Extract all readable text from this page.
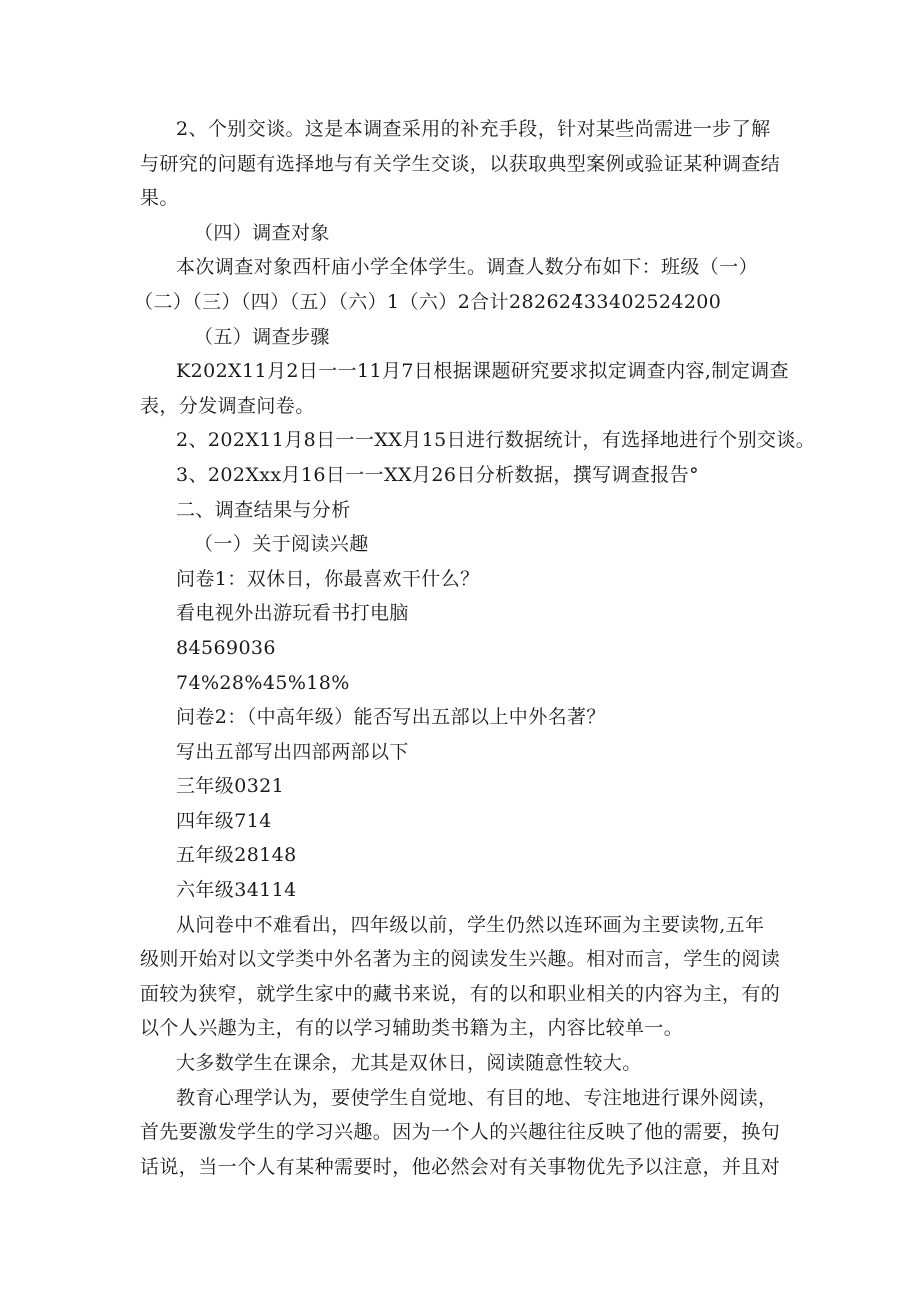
2、个别交谈。这是本调查采用的补充手段，针对某些尚需进一步了解
与研究的问题有选择地与有关学生交谈，以获取典型案例或验证某种调查结
果。
（四）调查对象
本次调查对象西杆庙小学全体学生。调查人数分布如下：班级（一）
（二）（三）（四）（五）（六）1（六）2合计282624̈33402524200
（五）调查步骤
K202X11月2日一一11月7日根据课题研究要求拟定调查内容,制定调查
表，分发调查问卷。
2、202X11月8日一一XX月15日进行数据统计，有选择地进行个别交谈。
3、202Xxx月16日一一XX月26日分析数据，撰写调查报告°
二、调查结果与分析
（一）关于阅读兴趣
问卷1：双休日，你最喜欢干什么？
看电视外出游玩看书打电脑
84569036
74%28%45%18%
问卷2：（中高年级）能否写出五部以上中外名著？
写出五部写出四部两部以下
三年级0321
四年级714
五年级28148
六年级34114
从问卷中不难看出，四年级以前，学生仍然以连环画为主要读物,五年
级则开始对以文学类中外名著为主的阅读发生兴趣。相对而言，学生的阅读
面较为狭窄，就学生家中的藏书来说，有的以和职业相关的内容为主，有的
以个人兴趣为主，有的以学习辅助类书籍为主，内容比较单一。
大多数学生在课余，尤其是双休日，阅读随意性较大。
教育心理学认为，要使学生自觉地、有目的地、专注地进行课外阅读，
首先要激发学生的学习兴趣。因为一个人的兴趣往往反映了他的需要，换句
话说，当一个人有某种需要时，他必然会对有关事物优先予以注意，并且对
